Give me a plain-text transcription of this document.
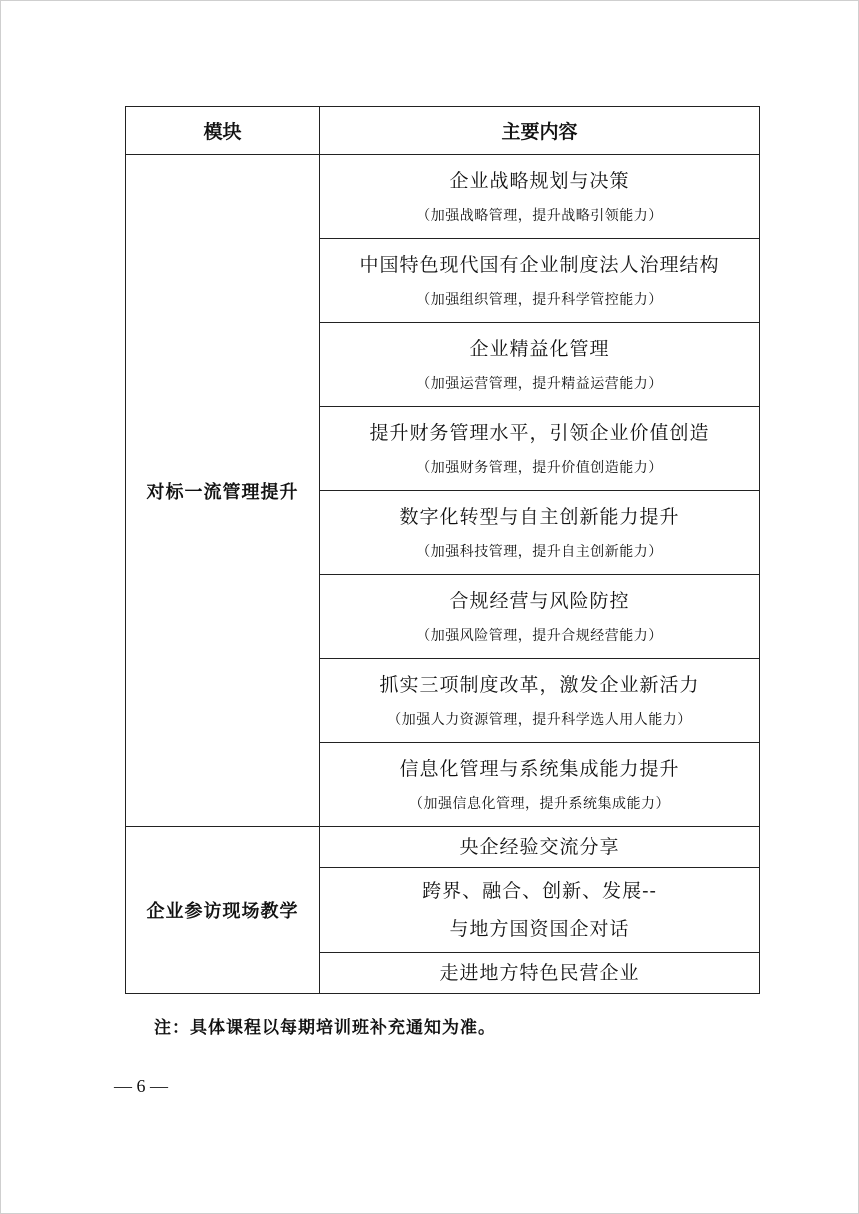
模块	主要内容
对标一流管理提升	企业战略规划与决策
（加强战略管理，提升战略引领能力）

	中国特色现代国有企业制度法人治理结构
（加强组织管理，提升科学管控能力）

	企业精益化管理
（加强运营管理，提升精益运营能力）

	提升财务管理水平，引领企业价值创造
（加强财务管理，提升价值创造能力）

	数字化转型与自主创新能力提升
（加强科技管理，提升自主创新能力）

	合规经营与风险防控
（加强风险管理，提升合规经营能力）

	抓实三项制度改革，激发企业新活力
（加强人力资源管理，提升科学选人用人能力）

	信息化管理与系统集成能力提升
（加强信息化管理，提升系统集成能力）

企业参访现场教学	央企经验交流分享

	跨界、融合、创新、发展--
与地方国资国企对话

	走进地方特色民营企业
注：具体课程以每期培训班补充通知为准。
— 6 —
